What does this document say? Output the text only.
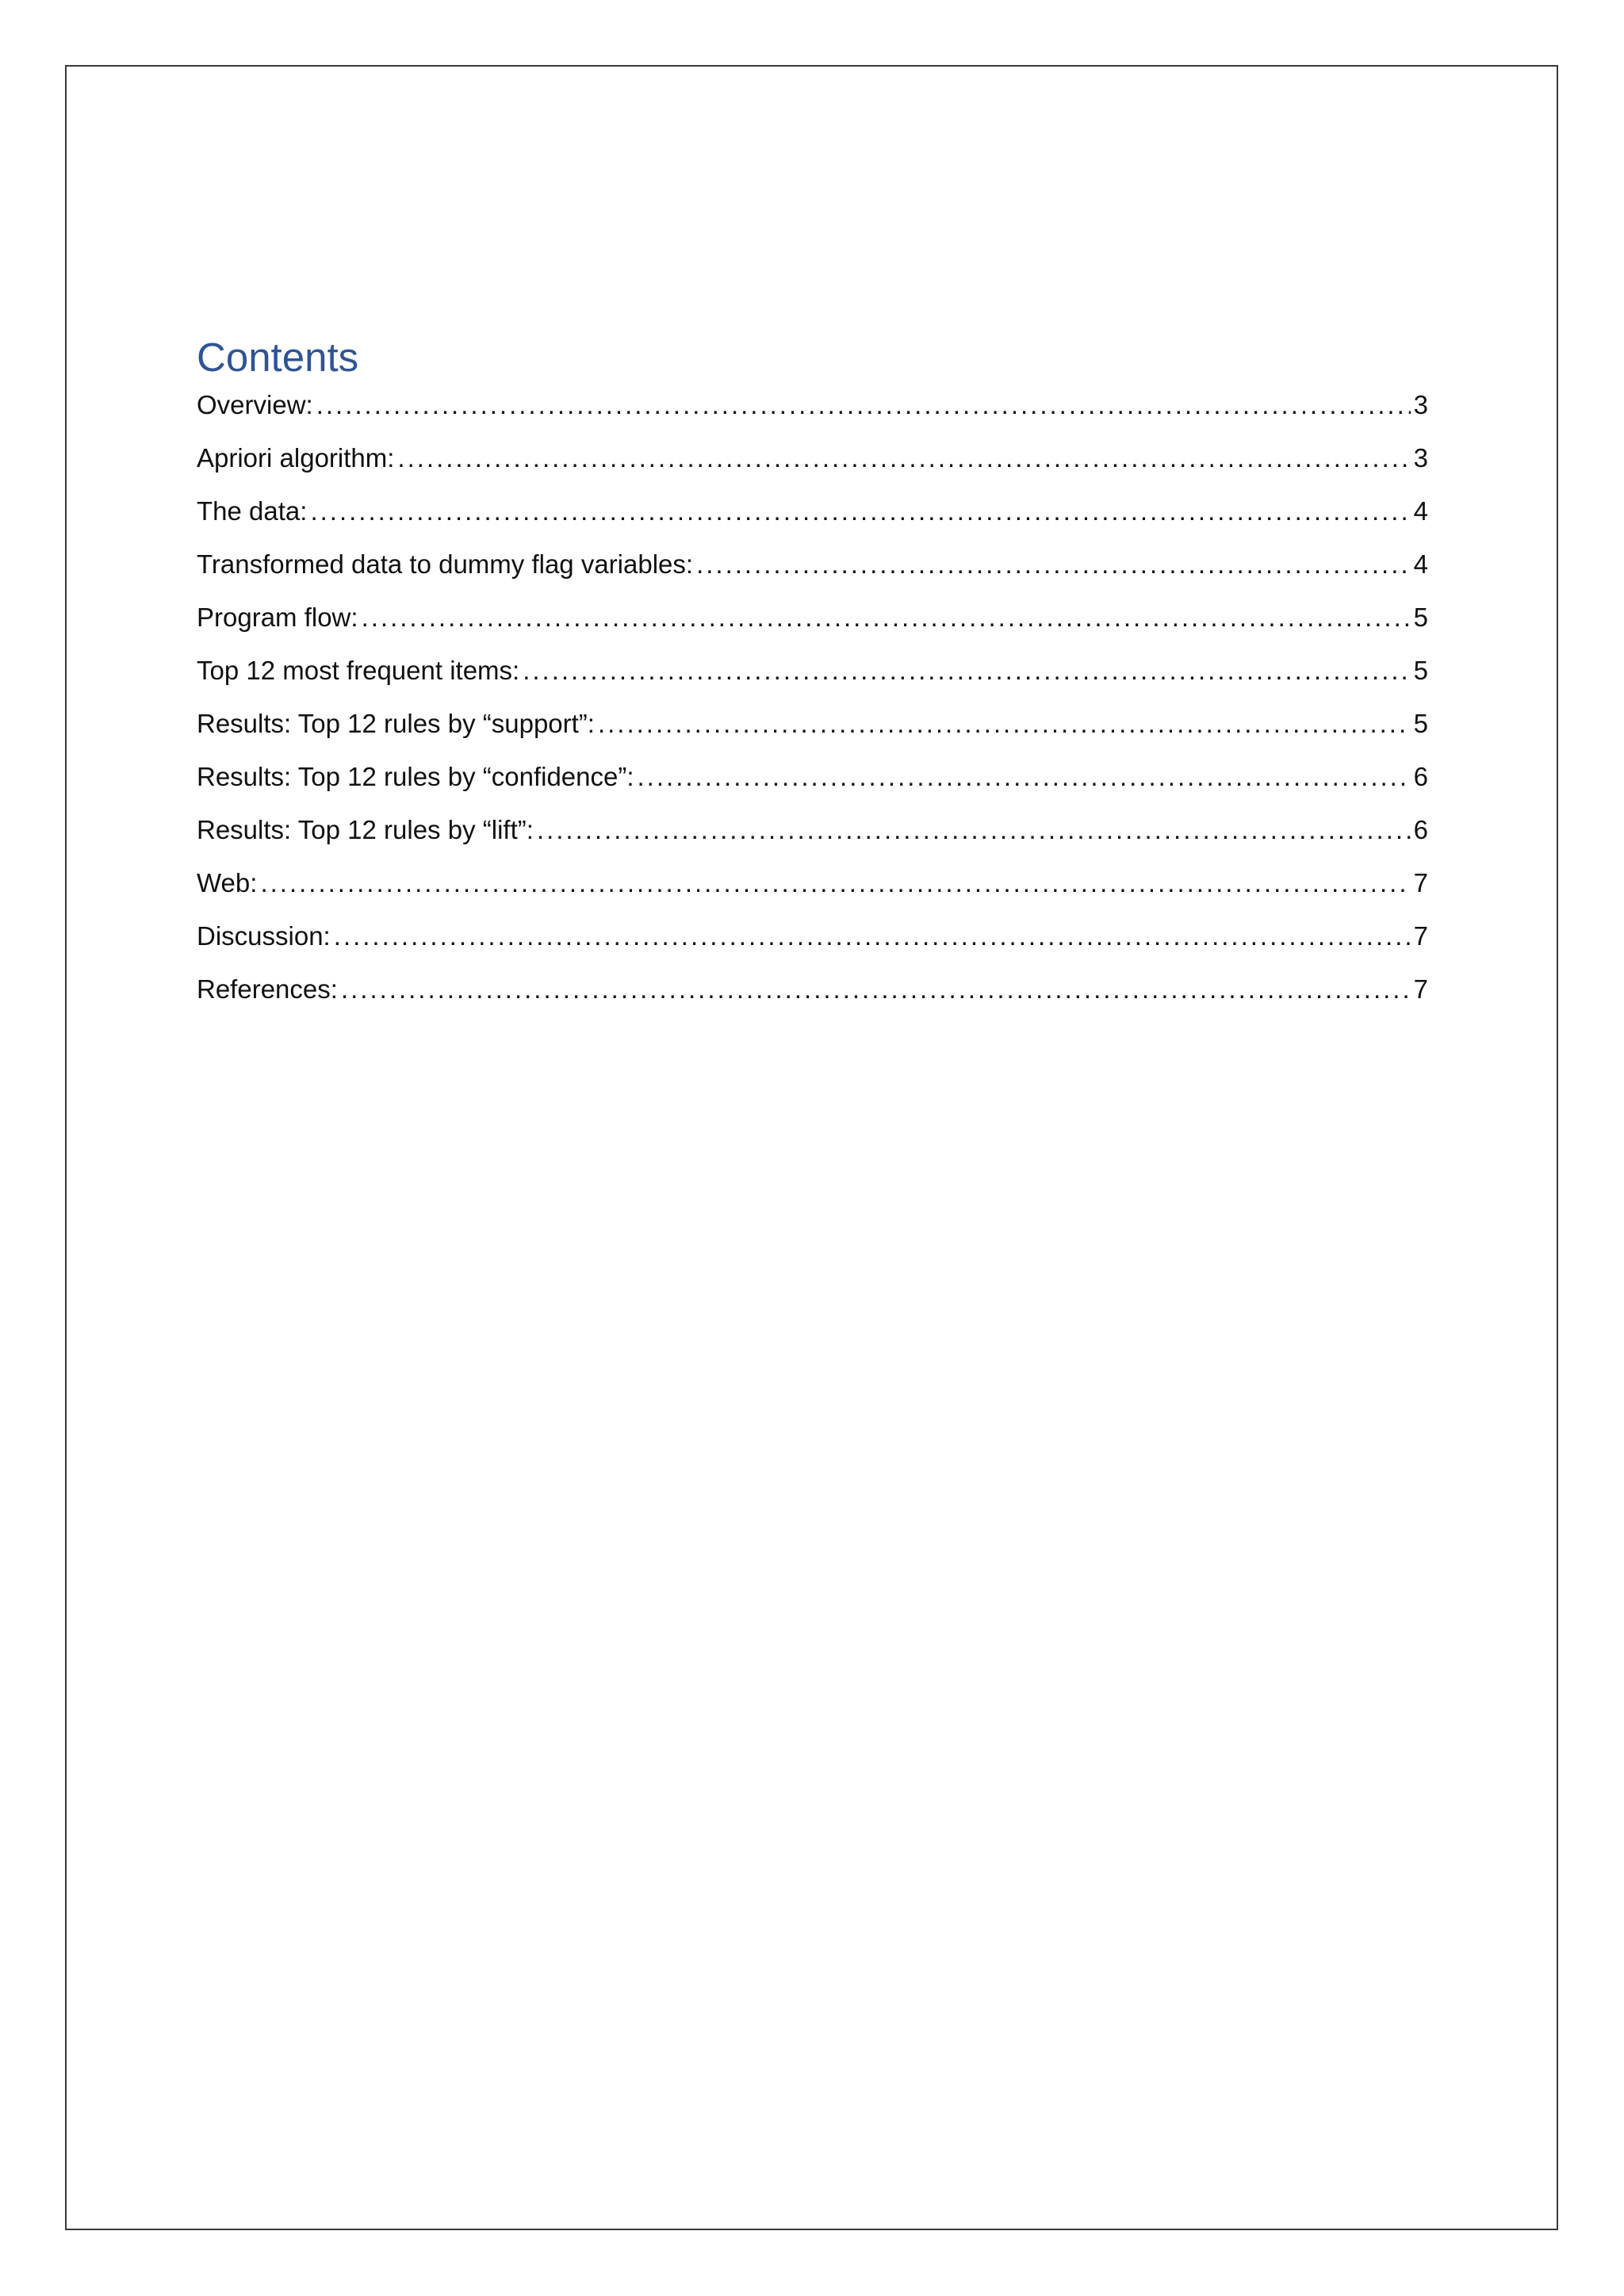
Contents
Overview: .....	3
Apriori algorithm: .....	3
The data: .....	4
Transformed data to dummy flag variables: .....	4
Program flow: .....	5
Top 12 most frequent items: .....	5
Results: Top 12 rules by “support”: .....	5
Results: Top 12 rules by “confidence”: .....	6
Results: Top 12 rules by “lift”: .....	6
Web: .....	7
Discussion: .....	7
References: .....	7
